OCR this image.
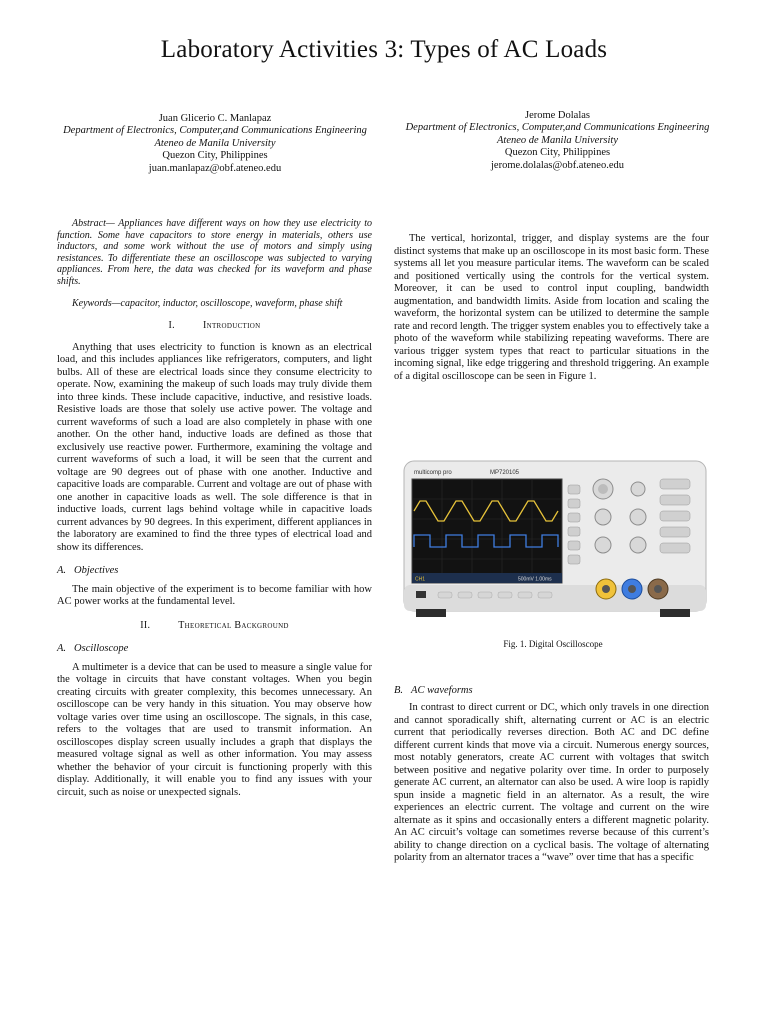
Laboratory Activities 3: Types of AC Loads
Juan Glicerio C. Manlapaz
Department of Electronics, Computer,and Communications Engineering
Ateneo de Manila University
Quezon City, Philippines
juan.manlapaz@obf.ateneo.edu
Jerome Dolalas
Department of Electronics, Computer,and Communications Engineering
Ateneo de Manila University
Quezon City, Philippines
jerome.dolalas@obf.ateneo.edu

Abstract— Appliances have different ways on how they use electricity to function. Some have capacitors to store energy in materials, others use inductors, and some work without the use of motors and simply using resistances. To differentiate these an oscilloscope was subjected to varying appliances. From here, the data was checked for its waveform and phase shifts.

Keywords—capacitor, inductor, oscilloscope, waveform, phase shift

I.	Introduction

Anything that uses electricity to function is known as an electrical load, and this includes appliances like refrigerators, computers, and light bulbs. All of these are electrical loads since they consume electricity to operate. Now, examining the makeup of such loads may truly divide them into three kinds. These include capacitive, inductive, and resistive loads. Resistive loads are those that solely use active power. The voltage and current waveforms of such a load are also completely in phase with one another. On the other hand, inductive loads are defined as those that exclusively use reactive power. Furthermore, examining the voltage and current waveforms of such a load, it will be seen that the current and voltage are 90 degrees out of phase with one another. Inductive and capacitive loads are comparable. Current and voltage are out of phase with one another in capacitive loads as well. The sole difference is that in inductive loads, current lags behind voltage while in capacitive loads current advances by 90 degrees. In this experiment, different appliances in the laboratory are examined to find the three types of electrical load and show its differences.

A. Objectives

The main objective of the experiment is to become familiar with how AC power works at the fundamental level.

II.	Theoretical Background
A. Oscilloscope

A multimeter is a device that can be used to measure a single value for the voltage in circuits that have constant voltages. When you begin creating circuits with greater complexity, this becomes unnecessary. An oscilloscope can be very handy in this situation. You may observe how voltage varies over time using an oscilloscope. The signals, in this case, refers to the voltages that are used to transmit information. An oscilloscopes display screen usually includes a graph that displays the measured voltage signal as well as other information. You may assess whether the behavior of your circuit is functioning properly with this display. Additionally, it will enable you to find any issues with your circuit, such as noise or unexpected signals.

The vertical, horizontal, trigger, and display systems are the four distinct systems that make up an oscilloscope in its most basic form. These systems all let you measure particular items. The waveform can be scaled and positioned vertically using the controls for the vertical system. Moreover, it can be used to control input coupling, bandwidth augmentation, and bandwidth limits. Aside from location and scaling the waveform, the horizontal system can be utilized to determine the sample rate and record length. The trigger system enables you to effectively take a photo of the waveform while stabilizing repeating waveforms. There are various trigger system types that react to particular situations in the incoming signal, like edge triggering and threshold triggering. An example of a digital oscilloscope can be seen in Figure 1.

multicomp pro	MP720105
CH1	500mV 1.00ms
Fig. 1. Digital Oscilloscope
B. AC waveforms

In contrast to direct current or DC, which only travels in one direction and cannot sporadically shift, alternating current or AC is an electric current that periodically reverses direction. Both AC and DC define different current kinds that move via a circuit. Numerous energy sources, most notably generators, create AC current with voltages that switch between positive and negative polarity over time. In order to purposely generate AC current, an alternator can also be used. A wire loop is rapidly spun inside a magnetic field in an alternator. As a result, the wire experiences an electric current. The voltage and current on the wire alternate as it spins and occasionally enters a different magnetic polarity. An AC circuit’s voltage can sometimes reverse because of this current’s ability to change direction on a cyclical basis. The voltage of alternating polarity from an alternator traces a “wave” over time that has a specific
